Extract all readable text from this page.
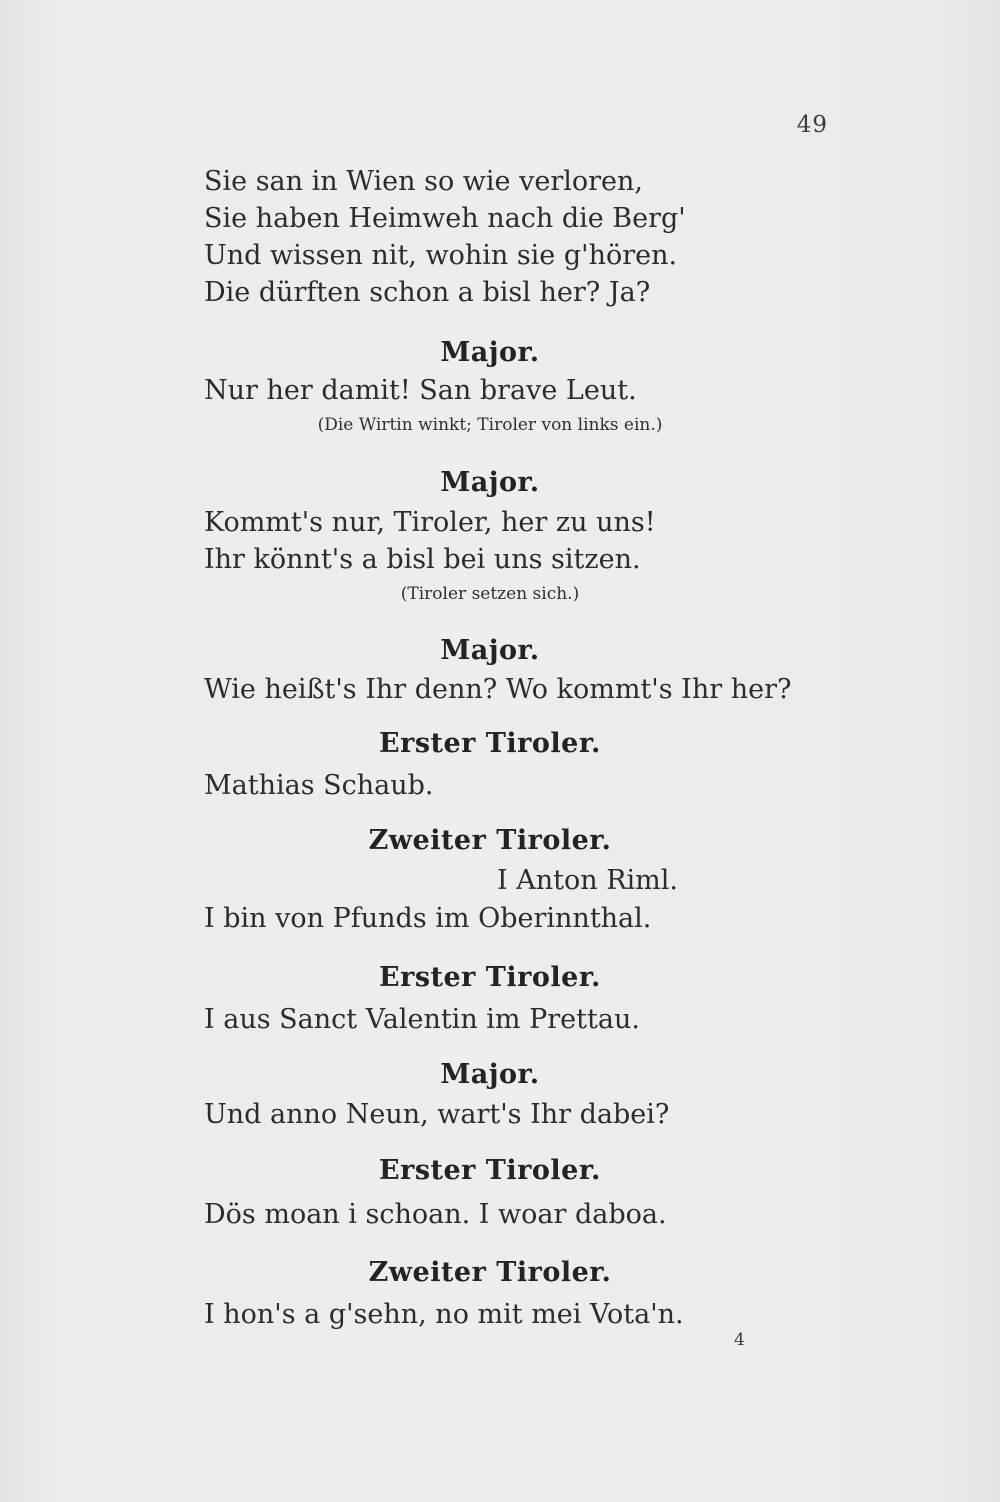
49
Sie san in Wien so wie verloren,
Sie haben Heimweh nach die Berg'
Und wissen nit, wohin sie g'hören.
Die dürften schon a bisl her? Ja?
Major.
Nur her damit! San brave Leut.
(Die Wirtin winkt; Tiroler von links ein.)
Major.
Kommt's nur, Tiroler, her zu uns!
Ihr könnt's a bisl bei uns sitzen.
(Tiroler setzen sich.)
Major.
Wie heißt's Ihr denn? Wo kommt's Ihr her?
Erster Tiroler.
Mathias Schaub.
Zweiter Tiroler.
I Anton Riml.
I bin von Pfunds im Oberinnthal.
Erster Tiroler.
I aus Sanct Valentin im Prettau.
Major.
Und anno Neun, wart's Ihr dabei?
Erster Tiroler.
Dös moan i schoan. I woar daboa.
Zweiter Tiroler.
I hon's a g'sehn, no mit mei Vota'n.
4
